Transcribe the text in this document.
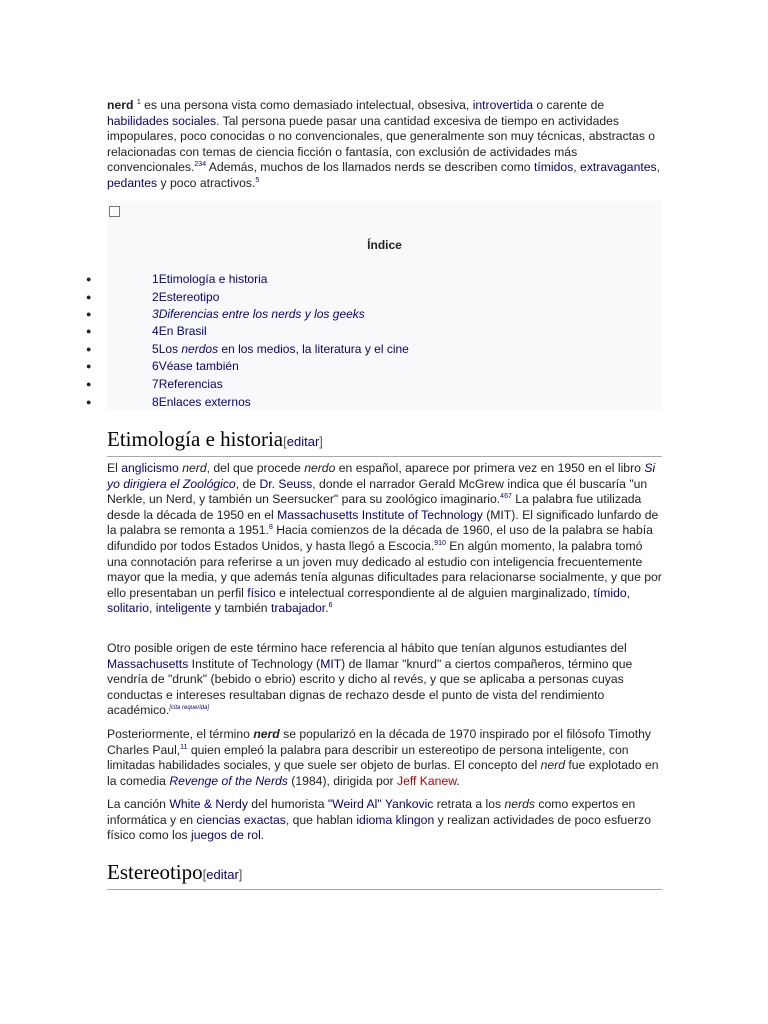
nerd $^1$ es una persona vista como demasiado intelectual, obsesiva, introvertida o carente de habilidades sociales. Tal persona puede pasar una cantidad excesiva de tiempo en actividades impopulares, poco conocidas o no convencionales, que generalmente son muy técnicas, abstractas o relacionadas con temas de ciencia ficción o fantasía, con exclusión de actividades más convencionales.$^{234}$ Además, muchos de los llamados nerds se describen como tímidos, extravagantes, pedantes y poco atractivos.$^5$

Índice
●	1Etimología e historia
●	2Estereotipo
●	3Diferencias entre los nerds y los geeks
●	4En Brasil
●	5Los nerdos en los medios, la literatura y el cine
●	6Véase también
●	7Referencias
●	8Enlaces externos
Etimología e historia[editar]

El anglicismo nerd, del que procede nerdo en español, aparece por primera vez en 1950 en el libro Si yo dirigiera el Zoológico, de Dr. Seuss, donde el narrador Gerald McGrew indica que él buscaría "un Nerkle, un Nerd, y también un Seersucker" para su zoológico imaginario.$^{467}$ La palabra fue utilizada desde la década de 1950 en el Massachusetts Institute of Technology (MIT). El significado lunfardo de la palabra se remonta a 1951.$^8$ Hacia comienzos de la década de 1960, el uso de la palabra se había difundido por todos Estados Unidos, y hasta llegó a Escocia.$^{910}$ En algún momento, la palabra tomó una connotación para referirse a un joven muy dedicado al estudio con inteligencia frecuentemente mayor que la media, y que además tenía algunas dificultades para relacionarse socialmente, y que por ello presentaban un perfil físico e intelectual correspondiente al de alguien marginalizado, tímido, solitario, inteligente y también trabajador.$^6$

Otro posible origen de este término hace referencia al hábito que tenían algunos estudiantes del Massachusetts Institute of Technology (MIT) de llamar "knurd" a ciertos compañeros, término que vendría de "drunk" (bebido o ebrio) escrito y dicho al revés, y que se aplicaba a personas cuyas conductas e intereses resultaban dignas de rechazo desde el punto de vista del rendimiento académico.[cita requerida]

Posteriormente, el término nerd se popularizó en la década de 1970 inspirado por el filósofo Timothy Charles Paul,$^{11}$ quien empleó la palabra para describir un estereotipo de persona inteligente, con limitadas habilidades sociales, y que suele ser objeto de burlas. El concepto del nerd fue explotado en la comedia Revenge of the Nerds (1984), dirigida por Jeff Kanew.

La canción White & Nerdy del humorista "Weird Al" Yankovic retrata a los nerds como expertos en informática y en ciencias exactas, que hablan idioma klingon y realizan actividades de poco esfuerzo físico como los juegos de rol.

Estereotipo[editar]
